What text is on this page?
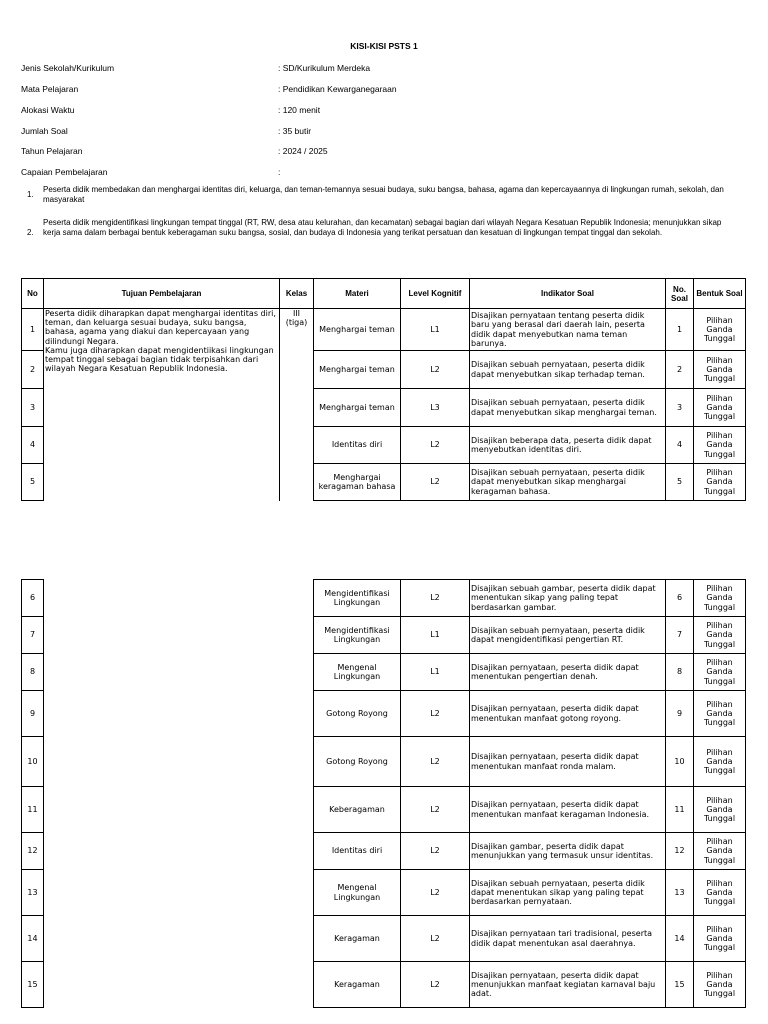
KISI-KISI PSTS 1
Jenis Sekolah/Kurikulum	: SD/Kurikulum Merdeka
Mata Pelajaran	: Pendidikan Kewarganegaraan
Alokasi Waktu	: 120 menit
Jumlah Soal	: 35 butir
Tahun Pelajaran	: 2024 / 2025
Capaian Pembelajaran	:
1.
Peserta didik membedakan dan menghargai identitas diri, keluarga, dan teman-temannya sesuai budaya, suku bangsa, bahasa, agama dan kepercayaannya di lingkungan rumah, sekolah, dan masyarakat
2.
Peserta didik mengidentifikasi lingkungan tempat tinggal (RT, RW, desa atau kelurahan, dan kecamatan) sebagai bagian dari wilayah Negara Kesatuan Republik Indonesia; menunjukkan sikap kerja sama dalam berbagai bentuk keberagaman suku bangsa, sosial, dan budaya di Indonesia yang terikat persatuan dan kesatuan di lingkungan tempat tinggal dan sekolah.
No	Tujuan Pembelajaran	Kelas	Materi	Level Kognitif	Indikator Soal	No. Soal	Bentuk Soal
1	Peserta didik diharapkan dapat menghargai identitas diri, teman, dan keluarga sesuai budaya, suku bangsa, bahasa, agama yang diakui dan kepercayaan yang dilindungi Negara.
Kamu juga diharapkan dapat mengidentiikasi lingkungan tempat tinggal sebagai bagian tidak terpisahkan dari wilayah Negara Kesatuan Republik Indonesia.	III (tiga)	Menghargai teman	L1	Disajikan pernyataan tentang peserta didik baru yang berasal dari daerah lain, peserta didik dapat menyebutkan nama teman barunya.	1	Pilihan Ganda Tunggal
2			Menghargai teman	L2	Disajikan sebuah pernyataan, peserta didik dapat menyebutkan sikap terhadap teman.	2	Pilihan Ganda Tunggal
3			Menghargai teman	L3	Disajikan sebuah pernyataan, peserta didik dapat menyebutkan sikap menghargai teman.	3	Pilihan Ganda Tunggal
4			Identitas diri	L2	Disajikan beberapa data, peserta didik dapat menyebutkan identitas diri.	4	Pilihan Ganda Tunggal
5			Menghargai keragaman bahasa	L2	Disajikan sebuah pernyataan, peserta didik dapat menyebutkan sikap menghargai keragaman bahasa.	5	Pilihan Ganda Tunggal
6			Mengidentifikasi Lingkungan	L2	Disajikan sebuah gambar, peserta didik dapat menentukan sikap yang paling tepat berdasarkan gambar.	6	Pilihan Ganda Tunggal
7			Mengidentifikasi Lingkungan	L1	Disajikan sebuah pernyataan, peserta didik dapat mengidentifikasi pengertian RT.	7	Pilihan Ganda Tunggal
8			Mengenal Lingkungan	L1	Disajikan pernyataan, peserta didik dapat menentukan pengertian denah.	8	Pilihan Ganda Tunggal
9			Gotong Royong	L2	Disajikan pernyataan, peserta didik dapat menentukan manfaat gotong royong.	9	Pilihan Ganda Tunggal
10			Gotong Royong	L2	Disajikan pernyataan, peserta didik dapat menentukan manfaat ronda malam.	10	Pilihan Ganda Tunggal
11			Keberagaman	L2	Disajikan pernyataan, peserta didik dapat menentukan manfaat keragaman Indonesia.	11	Pilihan Ganda Tunggal
12			Identitas diri	L2	Disajikan gambar, peserta didik dapat menunjukkan yang termasuk unsur identitas.	12	Pilihan Ganda Tunggal
13			Mengenal Lingkungan	L2	Disajikan sebuah pernyataan, peserta didik dapat menentukan sikap yang paling tepat berdasarkan pernyataan.	13	Pilihan Ganda Tunggal
14			Keragaman	L2	Disajikan pernyataan tari tradisional, peserta didik dapat menentukan asal daerahnya.	14	Pilihan Ganda Tunggal
15			Keragaman	L2	Disajikan pernyataan, peserta didik dapat menunjukkan manfaat kegiatan karnaval baju adat.	15	Pilihan Ganda Tunggal
